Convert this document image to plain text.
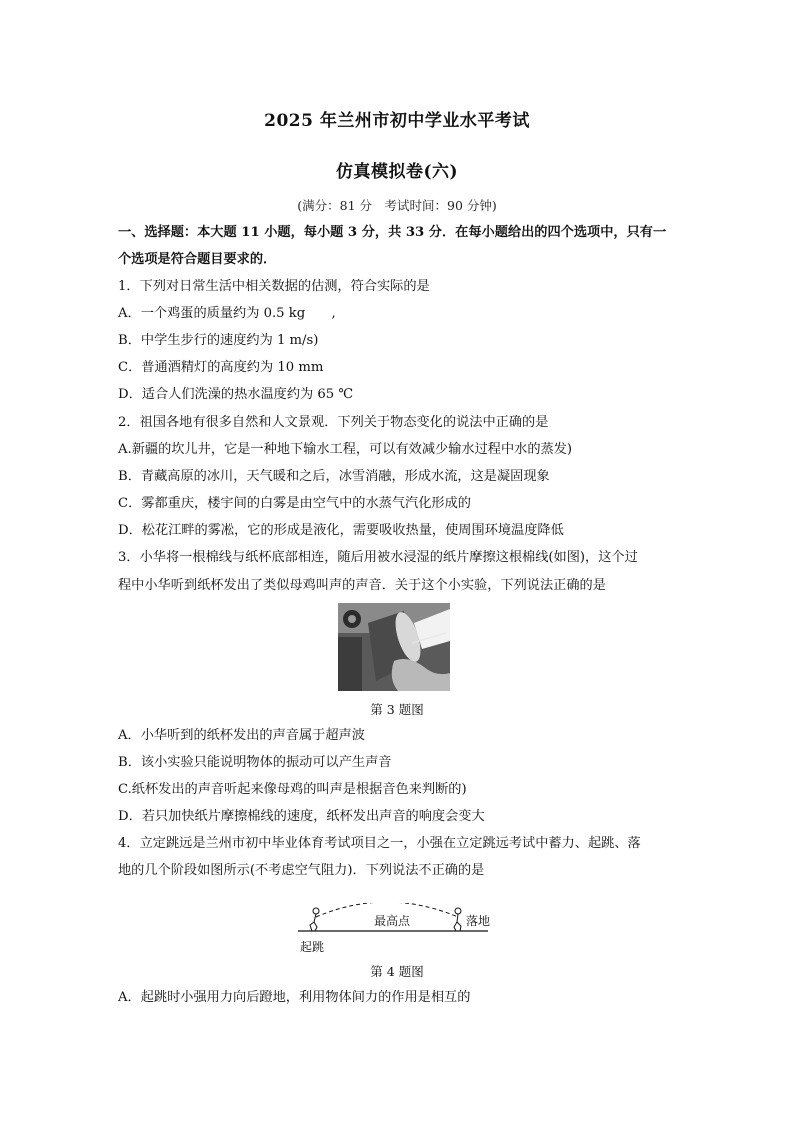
2025 年兰州市初中学业水平考试
仿真模拟卷(六)
(满分：81 分　考试时间：90 分钟)
一、选择题：本大题 11 小题，每小题 3 分，共 33 分．在每小题给出的四个选项中，只有一
个选项是符合题目要求的．
1．下列对日常生活中相关数据的估测，符合实际的是
A．一个鸡蛋的质量约为 0.5 kg　　,
B．中学生步行的速度约为 1 m/s)
C．普通酒精灯的高度约为 10 mm
D．适合人们洗澡的热水温度约为 65 ℃
2．祖国各地有很多自然和人文景观．下列关于物态变化的说法中正确的是
A.新疆的坎儿井，它是一种地下输水工程，可以有效减少输水过程中水的蒸发)
B．青藏高原的冰川，天气暖和之后，冰雪消融，形成水流，这是凝固现象
C．雾都重庆，楼宇间的白雾是由空气中的水蒸气汽化形成的
D．松花江畔的雾凇，它的形成是液化，需要吸收热量，使周围环境温度降低
3．小华将一根棉线与纸杯底部相连，随后用被水浸湿的纸片摩擦这根棉线(如图)，这个过
程中小华听到纸杯发出了类似母鸡叫声的声音．关于这个小实验，下列说法正确的是
第 3 题图
A．小华听到的纸杯发出的声音属于超声波
B．该小实验只能说明物体的振动可以产生声音
C.纸杯发出的声音听起来像母鸡的叫声是根据音色来判断的)
D．若只加快纸片摩擦棉线的速度，纸杯发出声音的响度会变大
4．立定跳远是兰州市初中毕业体育考试项目之一，小强在立定跳远考试中蓄力、起跳、落
地的几个阶段如图所示(不考虑空气阻力)．下列说法不正确的是
起跳
最高点	落地
第 4 题图
A．起跳时小强用力向后蹬地，利用物体间力的作用是相互的
